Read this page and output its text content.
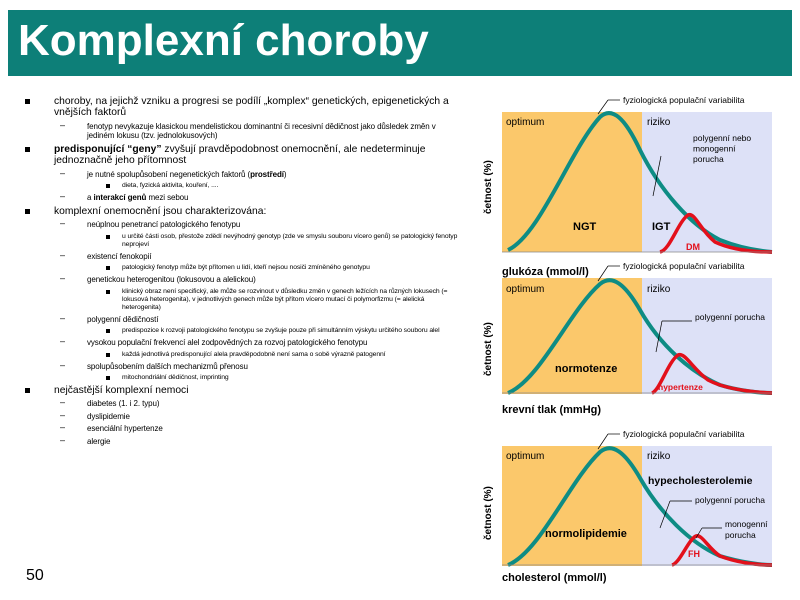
Komplexní choroby
choroby, na jejichž vzniku a progresi se podílí „komplex“ genetických, epigenetických a vnějších faktorů
– fenotyp nevykazuje klasickou mendelistickou dominantní či recesivní dědičnost jako důsledek změn v jediném lokusu (tzv. jednolokusových)
predisponující “geny” zvyšují pravděpodobnost onemocnění, ale nedeterminuje jednoznačně jeho přítomnost
– je nutné spolupůsobení negenetických faktorů (prostředí)
dieta, fyzická aktivita, kouření, ....
– a interakcí genů mezi sebou
komplexní onemocnění jsou charakterizována:
– neúplnou penetrancí patologického fenotypu
u určité části osob, přestože zdědí nevýhodný genotyp (zde ve smyslu souboru vícero genů) se patologický fenotyp neprojeví
– existencí fenokopií
patologický fenotyp může být přítomen u lidí, kteří nejsou nosiči zmíněného genotypu
– genetickou heterogenitou (lokusovou a alelickou)
klinický obraz není specifický, ale může se rozvinout v důsledku změn v genech ležících na různých lokusech (= lokusová heterogenita), v jednotlivých genech může být přítom vícero mutací či polymorfizmu (= alelická heterogenita)
– polygenní dědičností
predispozice k rozvoji patologického fenotypu se zvyšuje pouze při simultánním výskytu určitého souboru alel
– vysokou populační frekvencí alel zodpovědných za rozvoj patologického fenotypu
každá jednotlivá predisponující alela pravděpodobně není sama o sobě výrazně patogenní
– spolupůsobením dalších mechanizmů přenosu
mitochondriální dědičnost, imprinting
nejčastější komplexní nemoci
– diabetes (1. i 2. typu)
– dyslipidemie
– esenciální hypertenze
– alergie
50
optimum	riziko
fyziologická populační variabilita
polygenní nebo monogenní porucha
NGT	IGT
DM
četnost (%)
glukóza (mmol/l)
optimum	riziko
fyziologická populační variabilita
polygenní porucha
normotenze
hypertenze
četnost (%)
krevní tlak (mmHg)
optimum	riziko
fyziologická populační variabilita
hypecholesterolemie
polygenní porucha
monogenní porucha
normolipidemie
FH
četnost (%)
cholesterol (mmol/l)
